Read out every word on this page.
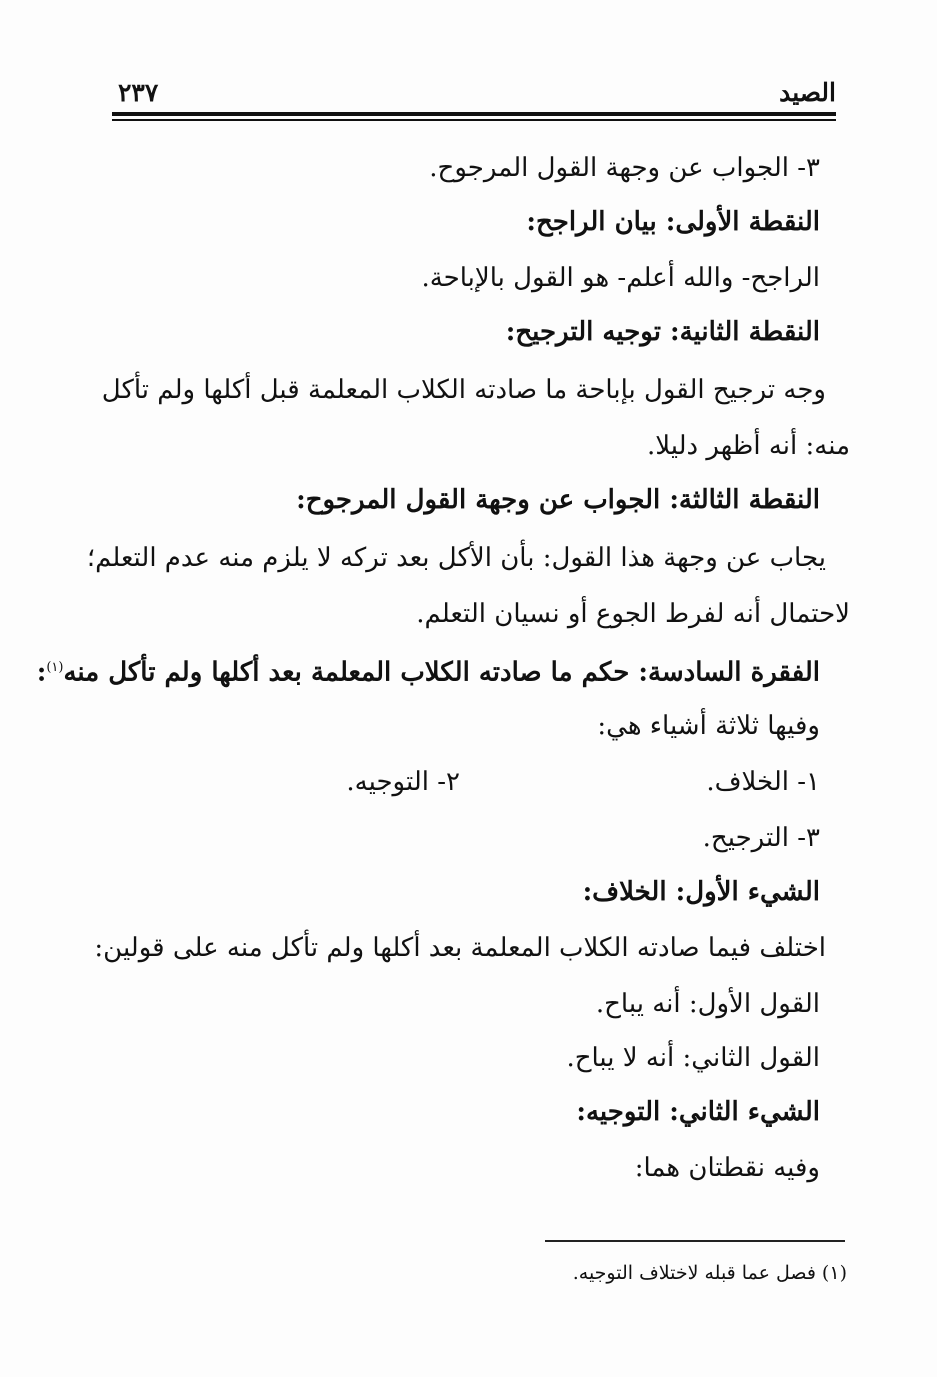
الصيد
٢٣٧
٣- الجواب عن وجهة القول المرجوح.
النقطة الأولى: بيان الراجح:
الراجح- والله أعلم- هو القول بالإباحة.
النقطة الثانية: توجيه الترجيح:
وجه ترجيح القول بإباحة ما صادته الكلاب المعلمة قبل أكلها ولم تأكل
منه: أنه أظهر دليلا.
النقطة الثالثة: الجواب عن وجهة القول المرجوح:
يجاب عن وجهة هذا القول: بأن الأكل بعد تركه لا يلزم منه عدم التعلم؛
لاحتمال أنه لفرط الجوع أو نسيان التعلم.
الفقرة السادسة: حكم ما صادته الكلاب المعلمة بعد أكلها ولم تأكل منه$^{(١)}$:
وفيها ثلاثة أشياء هي:
١- الخلاف.
٢- التوجيه.
٣- الترجيح.
الشيء الأول: الخلاف:
اختلف فيما صادته الكلاب المعلمة بعد أكلها ولم تأكل منه على قولين:
القول الأول: أنه يباح.
القول الثاني: أنه لا يباح.
الشيء الثاني: التوجيه:
وفيه نقطتان هما:
(١) فصل عما قبله لاختلاف التوجيه.
